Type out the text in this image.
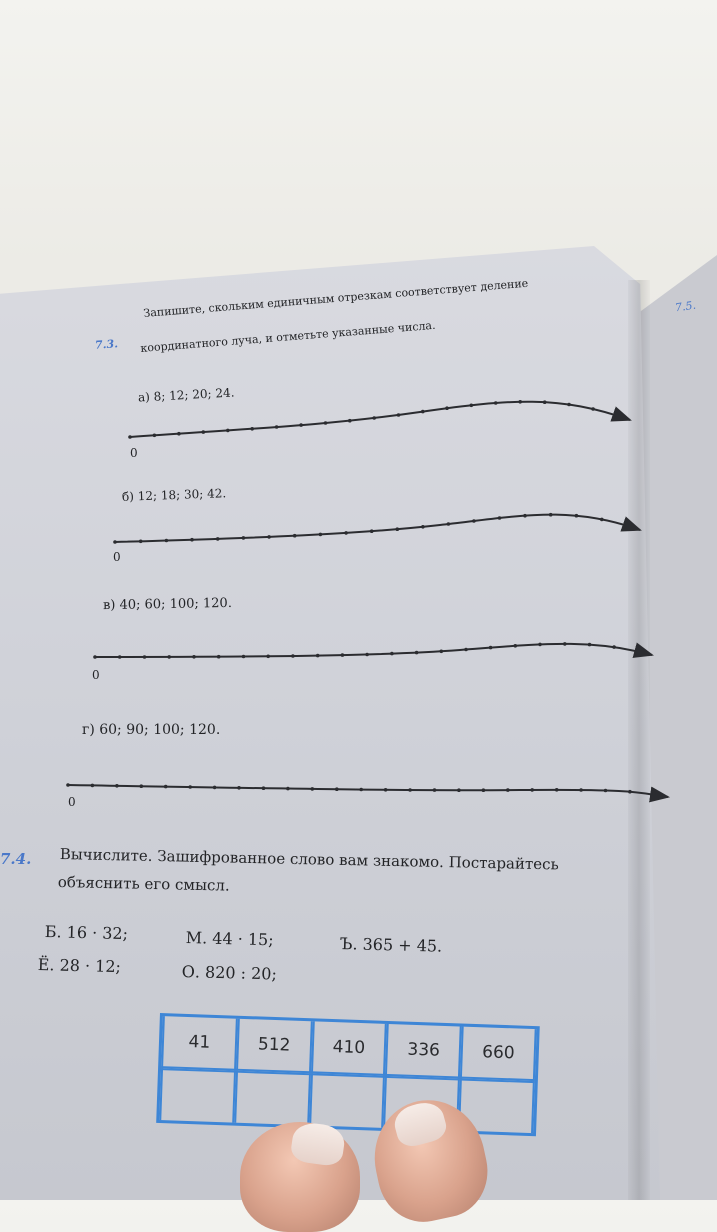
7.5.
7.3.
Запишите, скольким единичным отрезкам соответствует деление
координатного луча, и отметьте указанные числа.
а) 8; 12; 20; 24.
б) 12; 18; 30; 42.
в) 40; 60; 100; 120.
г) 60; 90; 100; 120.
0
0
0
0
7.4. Вычислите. Зашифрованное слово вам знакомо. Постарайтесь
объяснить его смысл.
Б. 16 · 32;	М. 44 · 15;	Ъ. 365 + 45.
Ё. 28 · 12;	О. 820 : 20;
41	512	410	336	660
